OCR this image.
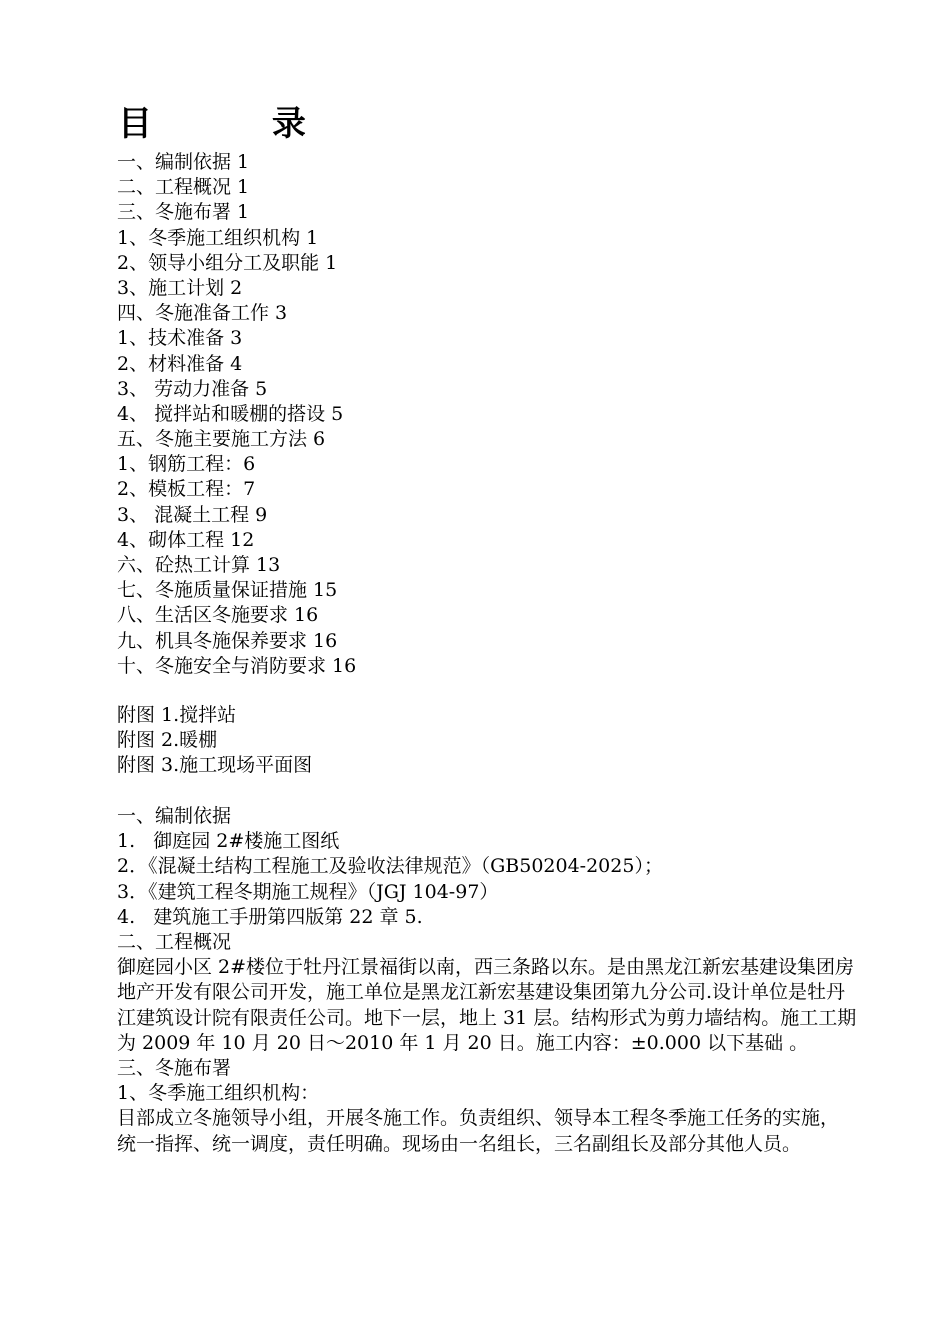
目 录
一、编制依据 1
二、工程概况 1
三、冬施布署 1
1、冬季施工组织机构 1
2、领导小组分工及职能 1
3、施工计划 2
四、冬施准备工作 3
1、技术准备 3
2、材料准备 4
3、 劳动力准备 5
4、 搅拌站和暖棚的搭设 5
五、冬施主要施工方法 6
1、钢筋工程：6
2、模板工程：7
3、 混凝土工程 9
4、砌体工程 12
六、砼热工计算 13
七、冬施质量保证措施 15
八、生活区冬施要求 16
九、机具冬施保养要求 16
十、冬施安全与消防要求 16
附图 1.搅拌站
附图 2.暖棚
附图 3.施工现场平面图
一、编制依据
1.   御庭园 2#楼施工图纸
2．《混凝土结构工程施工及验收法律规范》（GB50204-2025）；
3．《建筑工程冬期施工规程》（JGJ 104-97）
4.   建筑施工手册第四版第 22 章 5.
二、工程概况
御庭园小区 2#楼位于牡丹江景福街以南，西三条路以东。是由黑龙江新宏基建设集团房地产开发有限公司开发，施工单位是黑龙江新宏基建设集团第九分公司.设计单位是牡丹江建筑设计院有限责任公司。地下一层，地上 31 层。结构形式为剪力墙结构。施工工期为 2009 年 10 月 20 日～2010 年 1 月 20 日。施工内容：±0.000 以下基础 。
三、冬施布署
1、冬季施工组织机构：
目部成立冬施领导小组，开展冬施工作。负责组织、领导本工程冬季施工任务的实施，统一指挥、统一调度，责任明确。现场由一名组长，三名副组长及部分其他人员。
